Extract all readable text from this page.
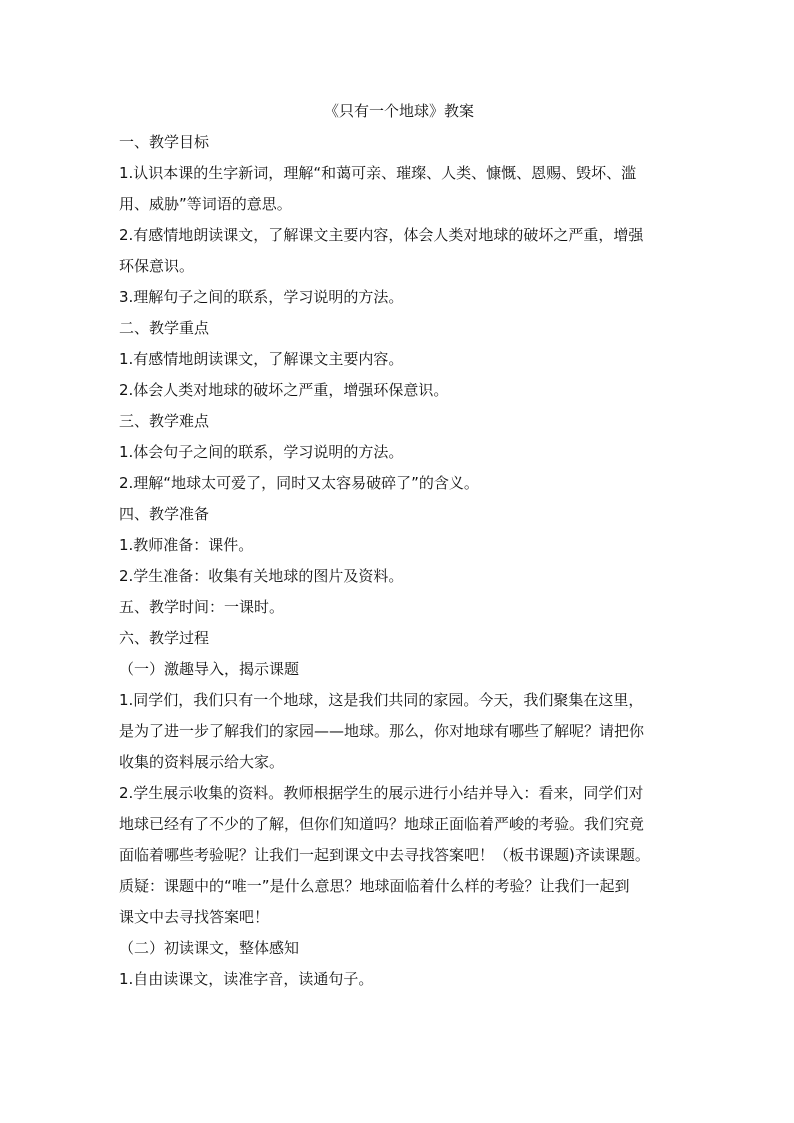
《只有一个地球》教案
一、教学目标
1.认识本课的生字新词，理解“和蔼可亲、璀璨、人类、慷慨、恩赐、毁坏、滥
用、威胁”等词语的意思。
2.有感情地朗读课文，了解课文主要内容，体会人类对地球的破坏之严重，增强
环保意识。
3.理解句子之间的联系，学习说明的方法。
二、教学重点
1.有感情地朗读课文，了解课文主要内容。
2.体会人类对地球的破坏之严重，增强环保意识。
三、教学难点
1.体会句子之间的联系，学习说明的方法。
2.理解“地球太可爱了，同时又太容易破碎了”的含义。
四、教学准备
1.教师准备：课件。
2.学生准备：收集有关地球的图片及资料。
五、教学时间：一课时。
六、教学过程
（一）激趣导入，揭示课题
1.同学们，我们只有一个地球，这是我们共同的家园。今天，我们聚集在这里，
是为了进一步了解我们的家园——地球。那么，你对地球有哪些了解呢？请把你
收集的资料展示给大家。
2.学生展示收集的资料。教师根据学生的展示进行小结并导入：看来，同学们对
地球已经有了不少的了解，但你们知道吗？地球正面临着严峻的考验。我们究竟
面临着哪些考验呢？让我们一起到课文中去寻找答案吧！（板书课题)齐读课题。
质疑：课题中的“唯一”是什么意思？地球面临着什么样的考验？让我们一起到
课文中去寻找答案吧！
（二）初读课文，整体感知
1.自由读课文，读准字音，读通句子。
